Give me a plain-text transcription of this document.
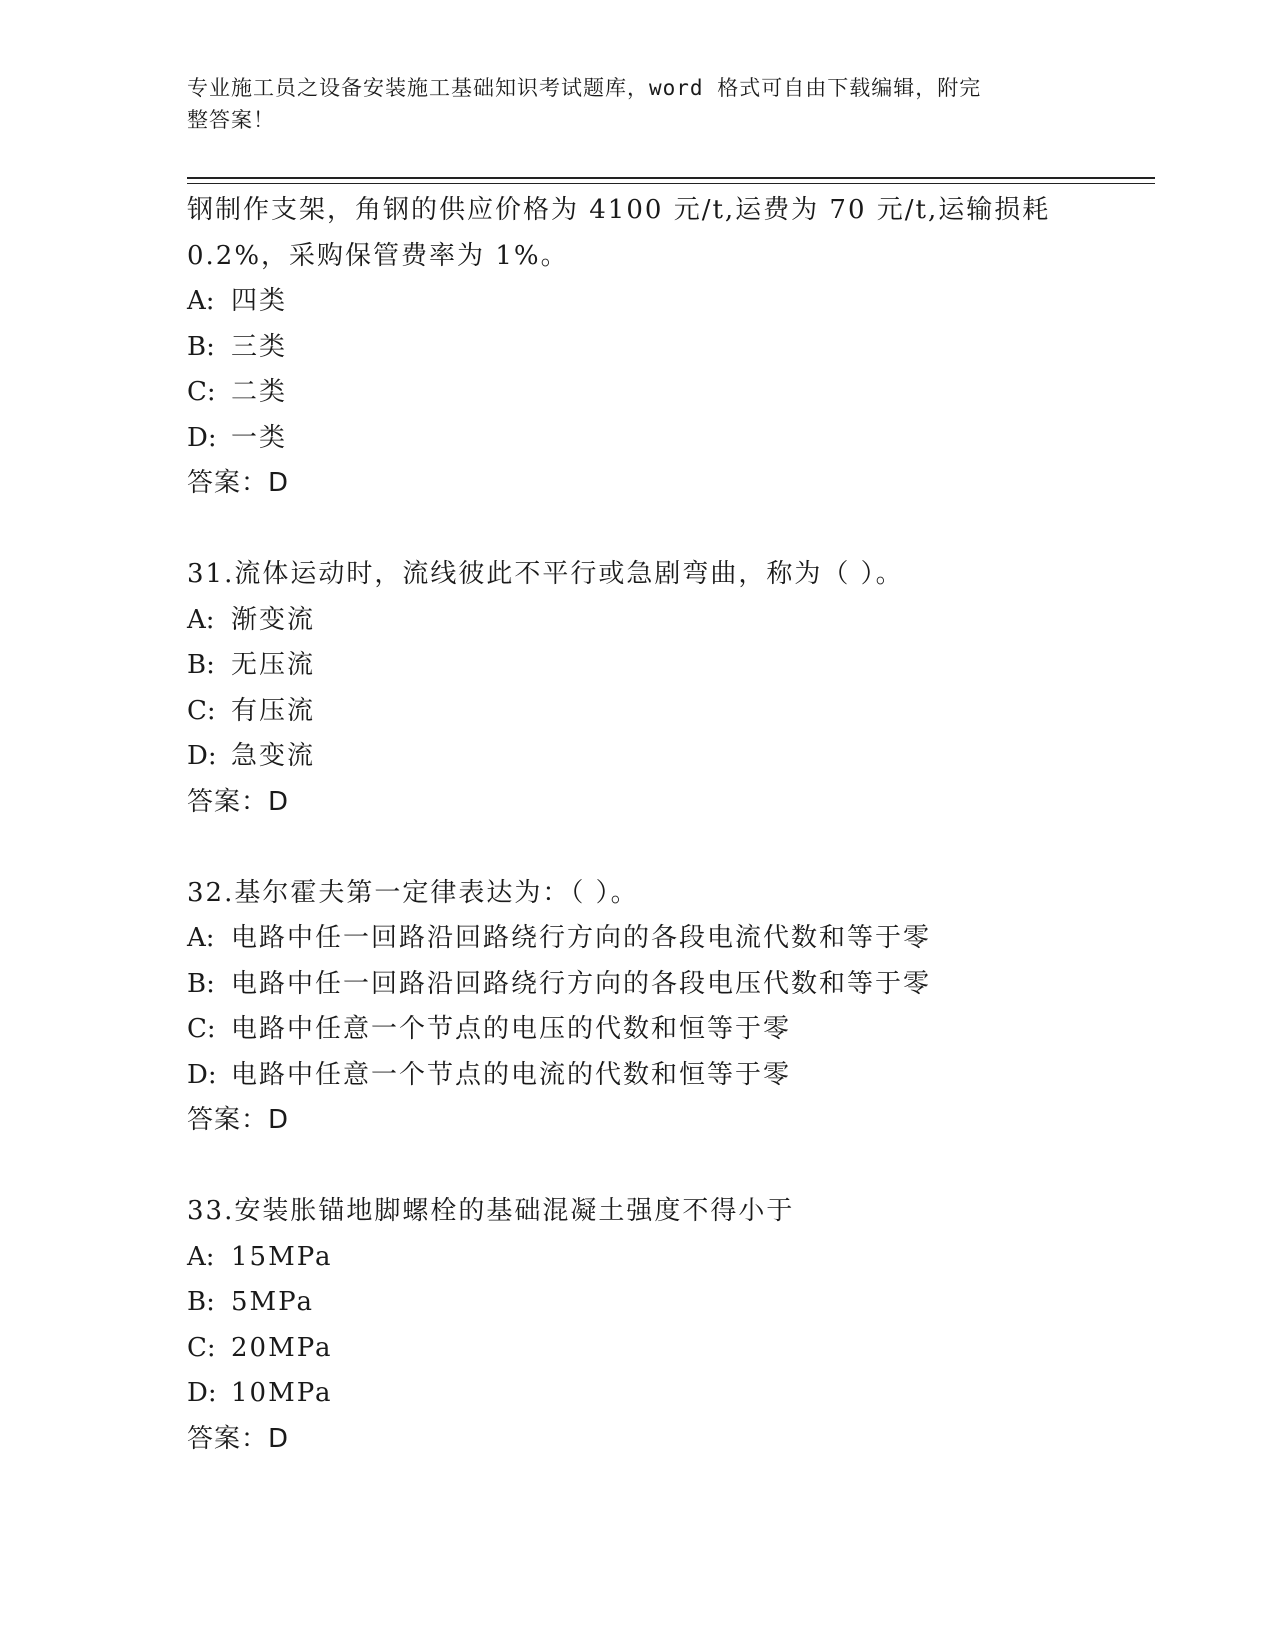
专业施工员之设备安装施工基础知识考试题库，word 格式可自由下载编辑，附完
整答案！
钢制作支架，角钢的供应价格为 4100 元/t,运费为 70 元/t,运输损耗
0.2%，采购保管费率为 1%。
A: 四类
B: 三类
C: 二类
D: 一类
答案：D
31.流体运动时，流线彼此不平行或急剧弯曲，称为（ ）。
A: 渐变流
B: 无压流
C: 有压流
D: 急变流
答案：D
32.基尔霍夫第一定律表达为：（ ）。
A: 电路中任一回路沿回路绕行方向的各段电流代数和等于零
B: 电路中任一回路沿回路绕行方向的各段电压代数和等于零
C: 电路中任意一个节点的电压的代数和恒等于零
D: 电路中任意一个节点的电流的代数和恒等于零
答案：D
33.安装胀锚地脚螺栓的基础混凝土强度不得小于
A: 15MPa
B: 5MPa
C: 20MPa
D: 10MPa
答案：D
